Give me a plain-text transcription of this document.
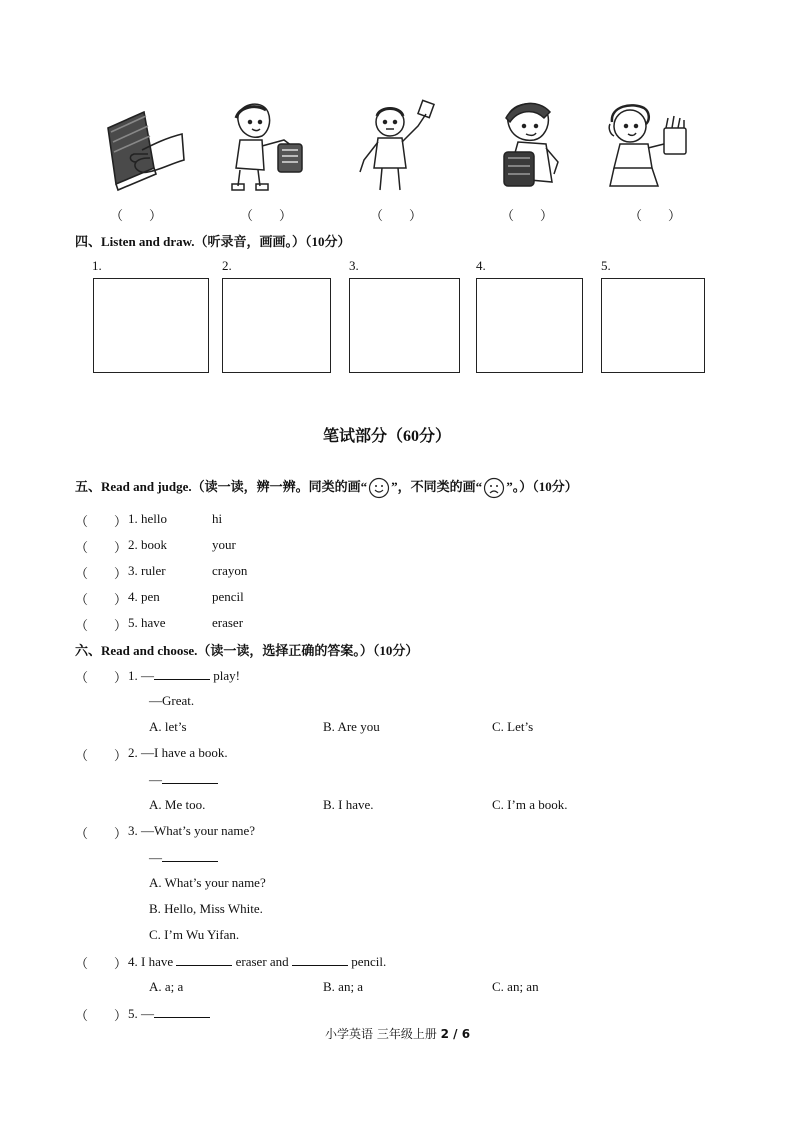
（　　）	（　　）	（　　）	（　　）	（　　）
四、Listen and draw.（听录音，画画。）（10分）
1.	2.	3.	4.	5.
笔试部分（60分）
五、Read and judge.（读一读，辨一辨。同类的画“ ”，不同类的画“ ”。）（10分）
（　　） 1. hello	hi
（　　） 2. book	your
（　　） 3. ruler	crayon
（　　） 4. pen	pencil
（　　） 5. have	eraser
六、Read and choose.（读一读，选择正确的答案。）（10分）
（　　） 1. —	play!
—Great.
A. let’s	B. Are you	C. Let’s
（　　） 2. —I have a book.
—
A. Me too.	B. I have.	C. I’m a book.
（　　） 3. —What’s your name?
—
A. What’s your name?
B. Hello, Miss White.
C. I’m Wu Yifan.
（　　） 4. I have	eraser and	pencil.
A. a; a	B. an; a	C. an; an
（　　） 5. —
小学英语 三年级上册 2 / 6
